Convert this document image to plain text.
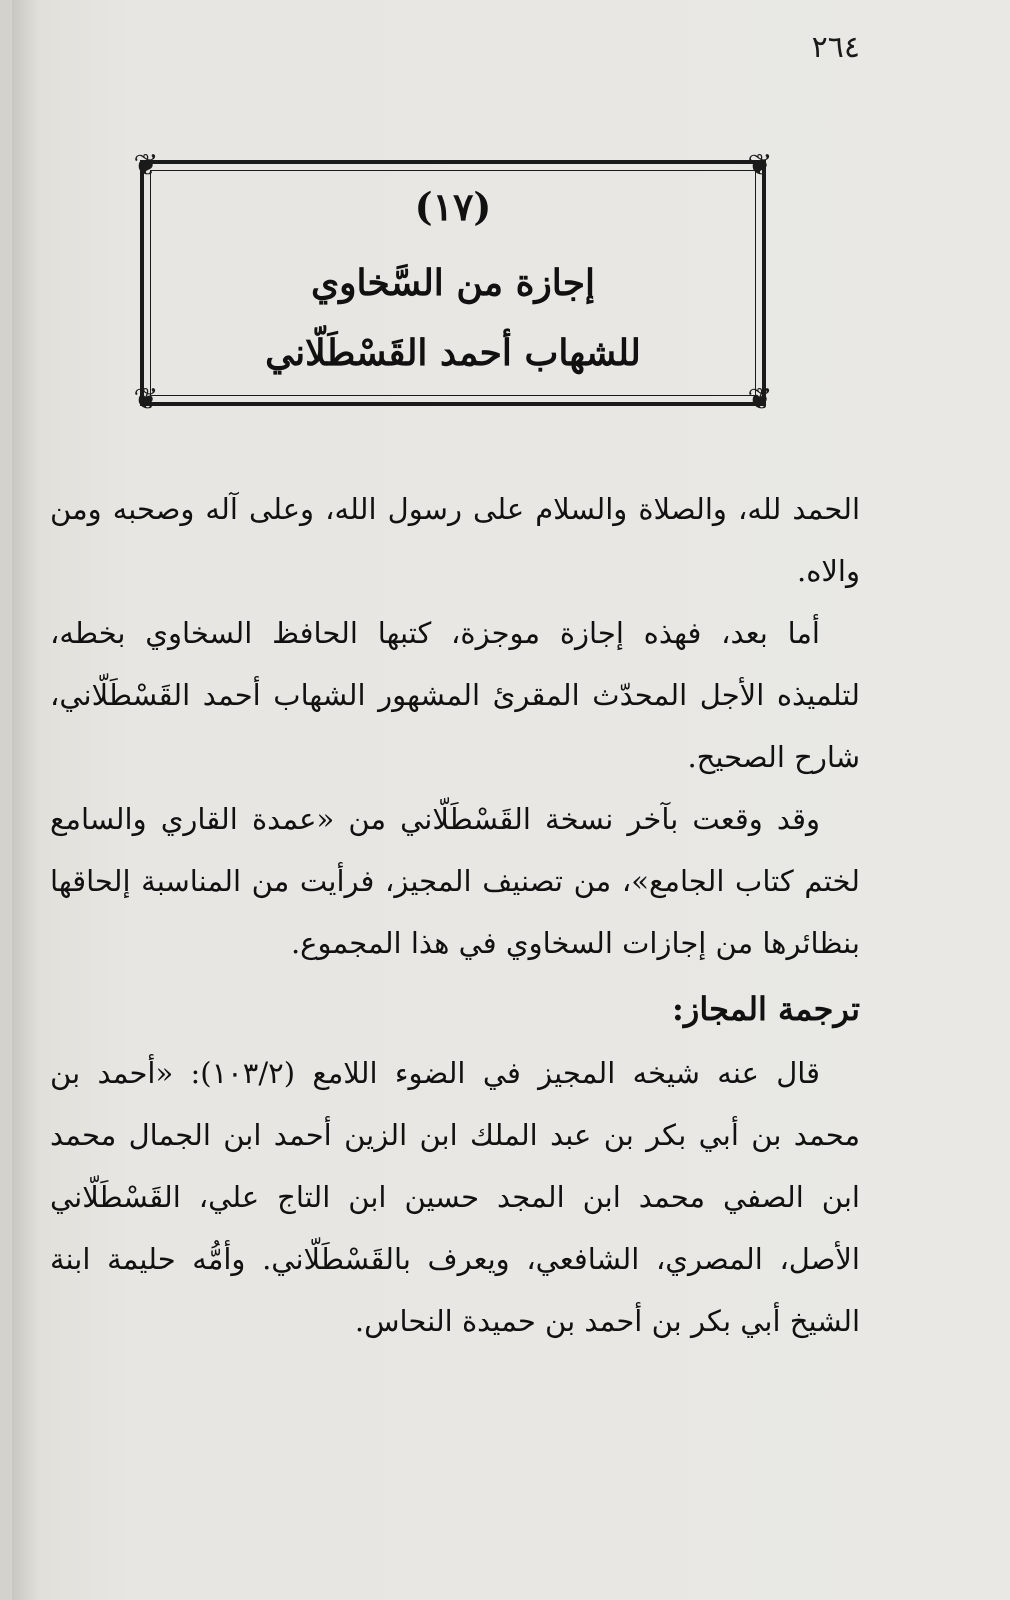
٢٦٤
❦	❦
❦	❦
(١٧)
إجازة من السَّخاوي
للشهاب أحمد القَسْطَلّاني

الحمد لله، والصلاة والسلام على رسول الله، وعلى آله وصحبه ومن والاه.

أما بعد، فهذه إجازة موجزة، كتبها الحافظ السخاوي بخطه، لتلميذه الأجل المحدّث المقرئ المشهور الشهاب أحمد القَسْطَلّاني، شارح الصحيح.

وقد وقعت بآخر نسخة القَسْطَلّاني من «عمدة القاري والسامع لختم كتاب الجامع»، من تصنيف المجيز، فرأيت من المناسبة إلحاقها بنظائرها من إجازات السخاوي في هذا المجموع.

ترجمة المجاز:

قال عنه شيخه المجيز في الضوء اللامع (١٠٣/٢): «أحمد بن محمد بن أبي بكر بن عبد الملك ابن الزين أحمد ابن الجمال محمد ابن الصفي محمد ابن المجد حسين ابن التاج علي، القَسْطَلّاني الأصل، المصري، الشافعي، ويعرف بالقَسْطَلّاني. وأمُّه حليمة ابنة الشيخ أبي بكر بن أحمد بن حميدة النحاس.
